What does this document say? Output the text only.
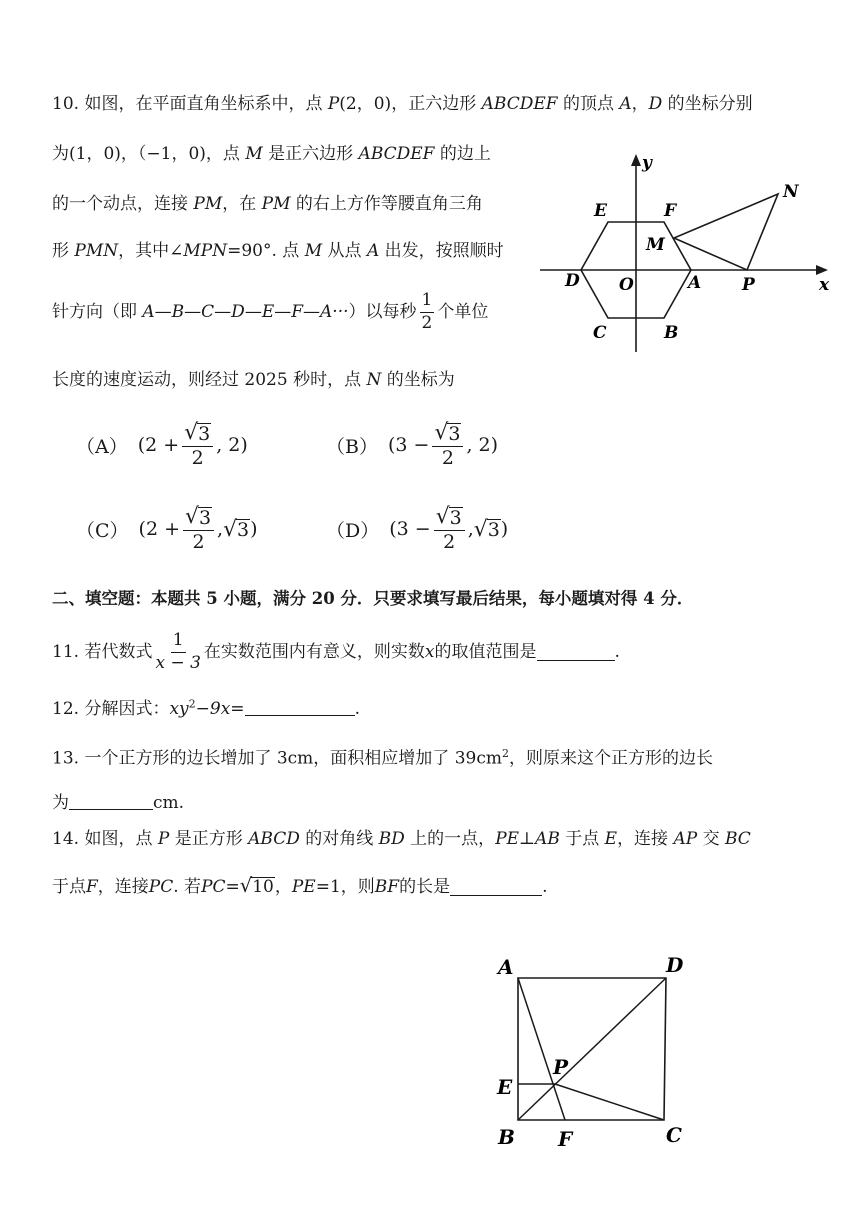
10. 如图，在平面直角坐标系中，点 P(2，0)，正六边形 ABCDEF 的顶点 A，D 的坐标分别
为(1，0)，（−1，0)，点 M 是正六边形 ABCDEF 的边上
的一个动点，连接 PM，在 PM 的右上方作等腰直角三角
形 PMN，其中∠MPN=90°. 点 M 从点 A 出发，按照顺时
针方向（即 A—B—C—D—E—F—A···）以每秒 $\frac{1}{2}$ 个单位
长度的速度运动，则经过 2025 秒时，点 N 的坐标为
E	F
M
N
D O	A P
C	B
x
y
（A） ($2 + \frac{√ 3}{2}$ , 2)	（B） ($3 - \frac{√ 3}{2}$ , 2)
（C） ($2 + \frac{√ 3}{2}$ , √ 3 )	（D） ($3 - \frac{√ 3}{2}$ , √ 3 )
二、填空题：本题共 5 小题，满分 20 分．只要求填写最后结果，每小题填对得 4 分．
11. 若代数式 $\frac{1}{x - 3}$ 在实数范围内有意义，则实数 x 的取值范围是	.
12. 分解因式：$xy^2-9x=$	.
13. 一个正方形的边长增加了 3cm，面积相应增加了 $39cm^2$，则原来这个正方形的边长
为	cm.
14. 如图，点 P 是正方形 ABCD 的对角线 BD 上的一点，PE⊥AB 于点 E，连接 AP 交 BC
于点 F ，连接 PC . 若 PC = √ 10 ， PE =1，则 BF 的长是	.
A	D
P
E
B F	C
